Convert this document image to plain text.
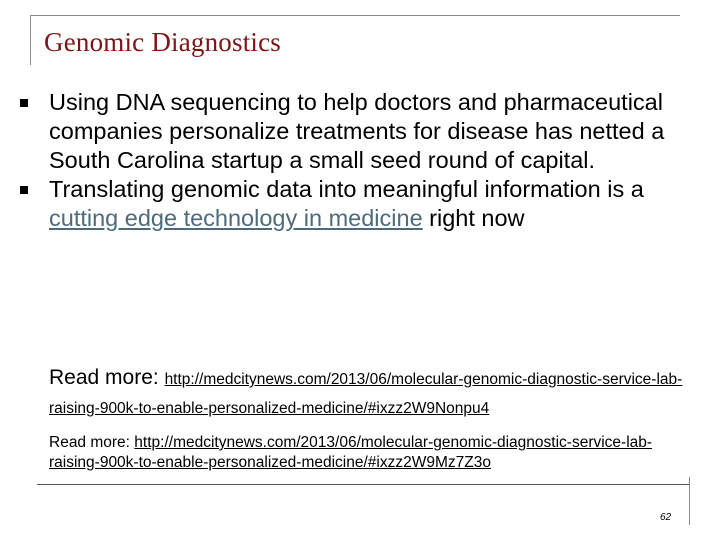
Genomic Diagnostics
Using DNA sequencing to help doctors and pharmaceutical companies personalize treatments for disease has netted a South Carolina startup a small seed round of capital.
Translating genomic data into meaningful information is a cutting edge technology in medicine right now
Read more: http://medcitynews.com/2013/06/molecular-genomic-diagnostic-service-lab-raising-900k-to-enable-personalized-medicine/#ixzz2W9Nonpu4
Read more: http://medcitynews.com/2013/06/molecular-genomic-diagnostic-service-lab-raising-900k-to-enable-personalized-medicine/#ixzz2W9Mz7Z3o
62
